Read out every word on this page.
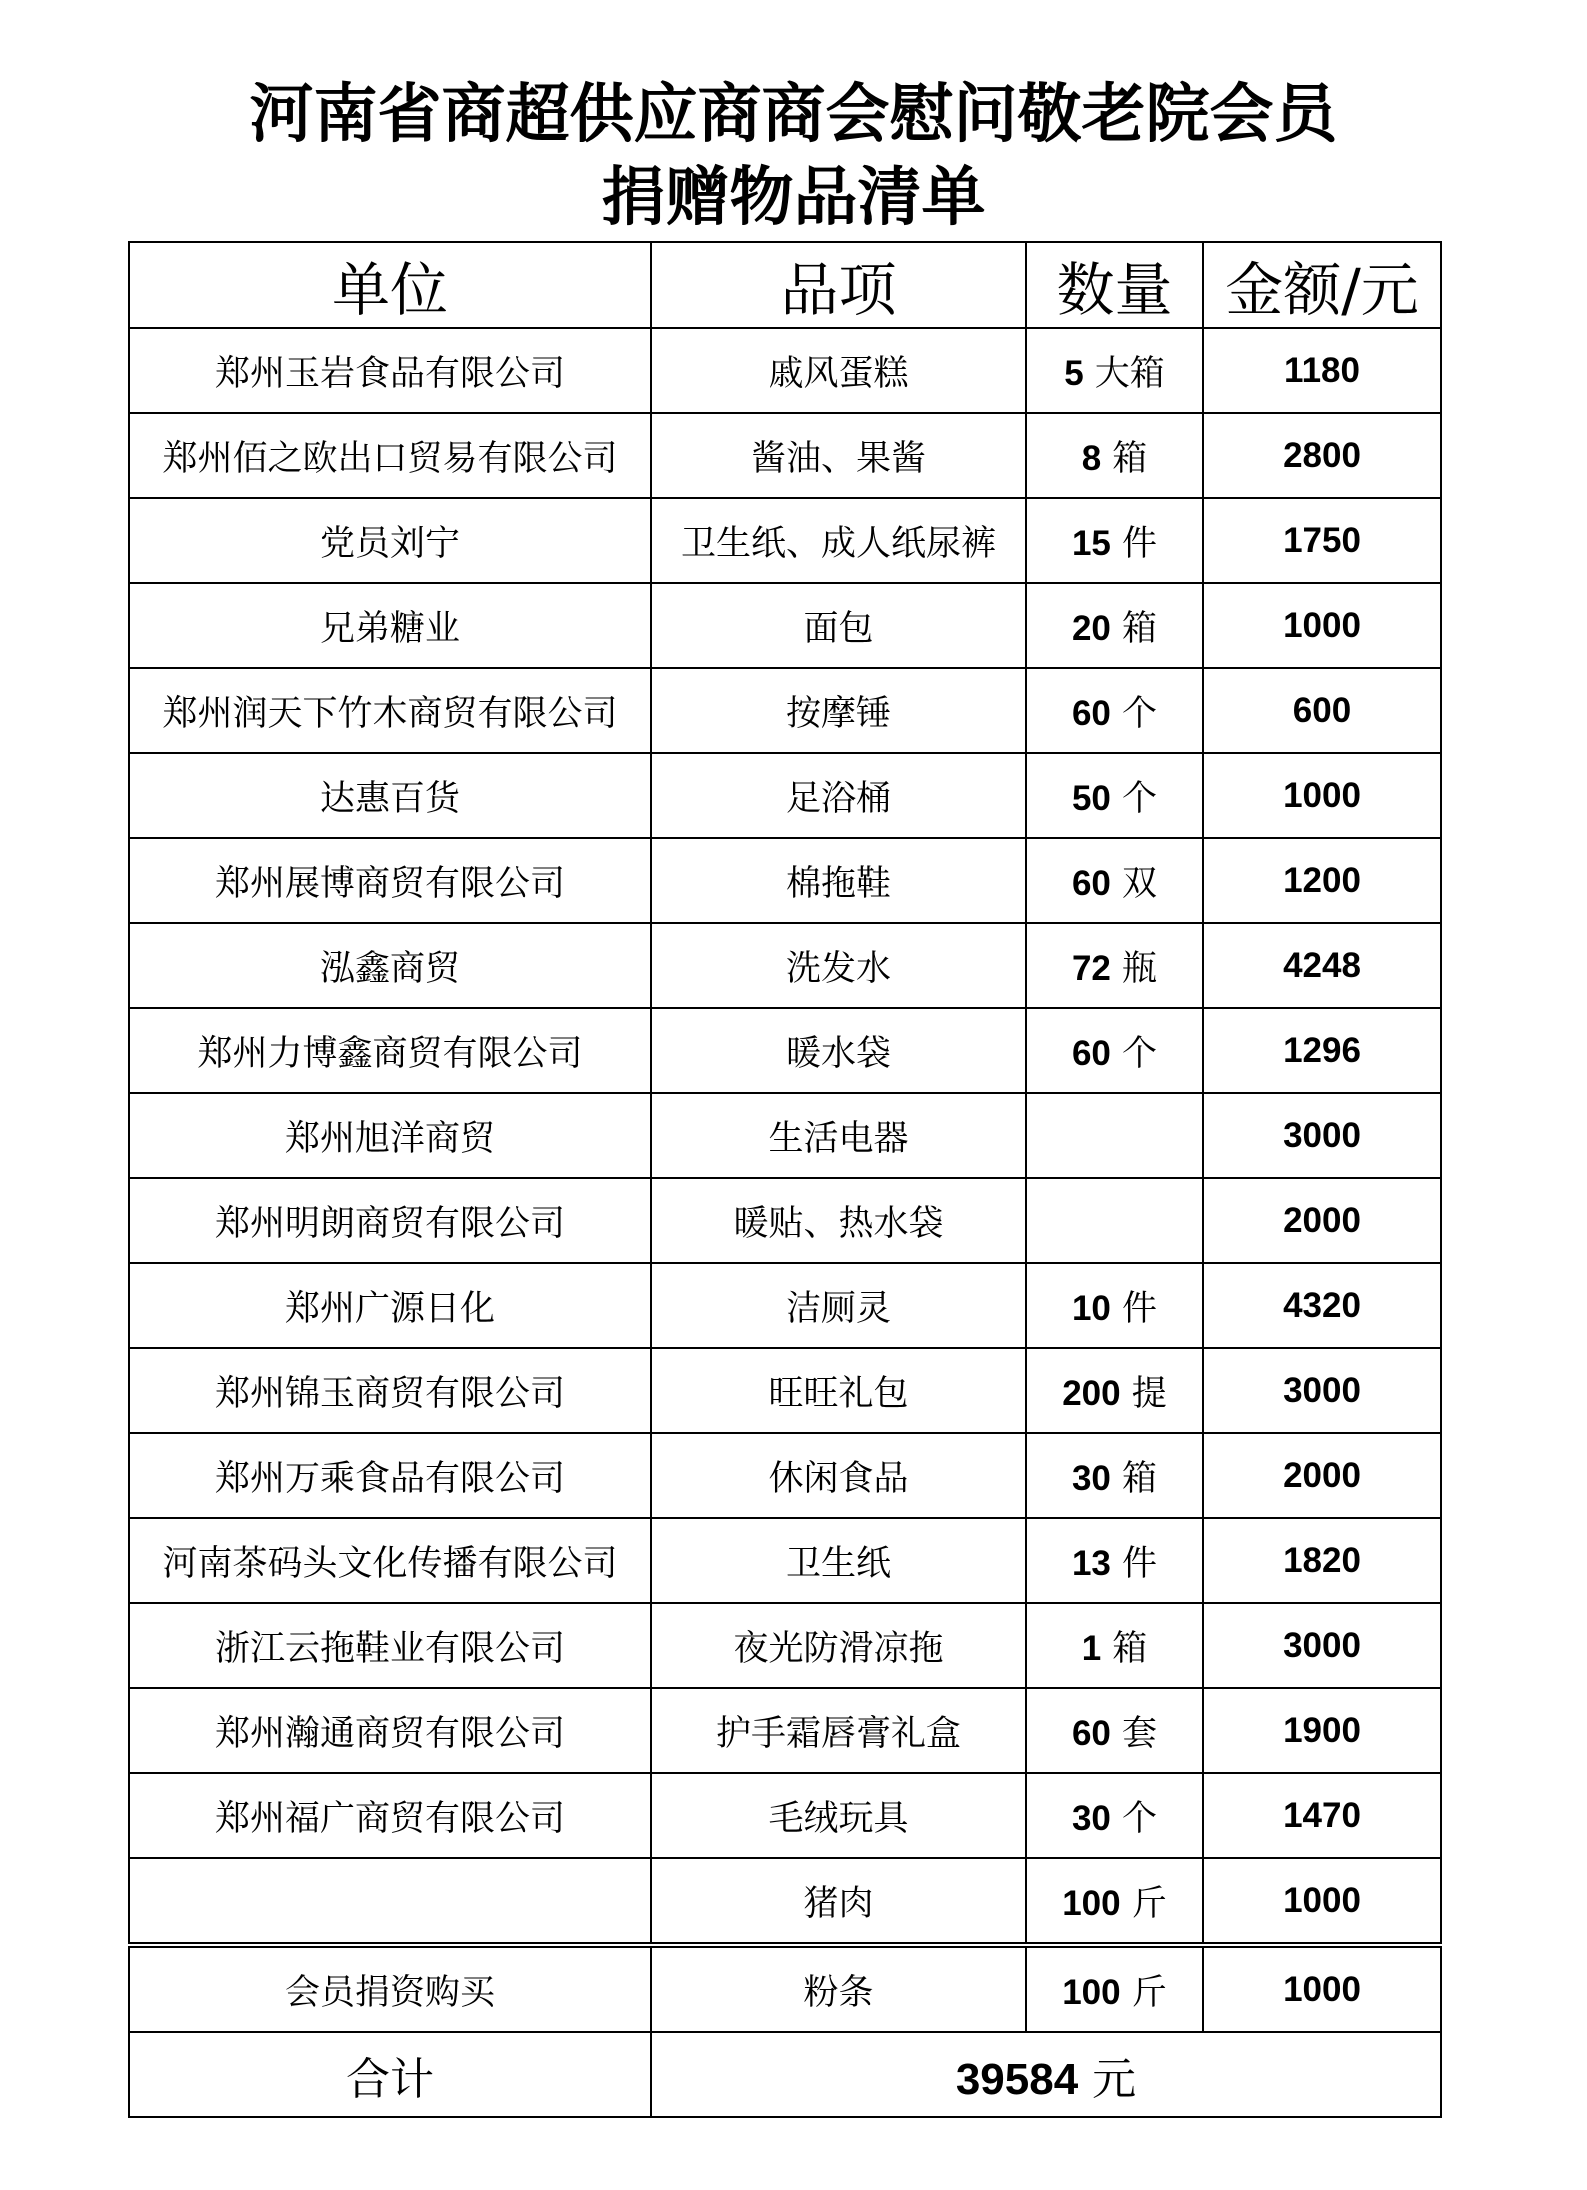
河南省商超供应商商会慰问敬老院会员
捐赠物品清单
单位	品项	数量	金额/元
郑州玉岩食品有限公司	戚风蛋糕	5 大箱	1180
郑州佰之欧出口贸易有限公司	酱油、果酱	8 箱	2800
党员刘宁	卫生纸、成人纸尿裤	15 件	1750
兄弟糖业	面包	20 箱	1000
郑州润天下竹木商贸有限公司	按摩锤	60 个	600
达惠百货	足浴桶	50 个	1000
郑州展博商贸有限公司	棉拖鞋	60 双	1200
泓鑫商贸	洗发水	72 瓶	4248
郑州力博鑫商贸有限公司	暖水袋	60 个	1296
郑州旭洋商贸	生活电器		3000
郑州明朗商贸有限公司	暖贴、热水袋		2000
郑州广源日化	洁厕灵	10 件	4320
郑州锦玉商贸有限公司	旺旺礼包	200 提	3000
郑州万乘食品有限公司	休闲食品	30 箱	2000
河南茶码头文化传播有限公司	卫生纸	13 件	1820
浙江云拖鞋业有限公司	夜光防滑凉拖	1 箱	3000
郑州瀚通商贸有限公司	护手霜唇膏礼盒	60 套	1900
郑州福广商贸有限公司	毛绒玩具	30 个	1470
	猪肉	100 斤	1000
会员捐资购买	粉条	100 斤	1000
合计	39584 元		
